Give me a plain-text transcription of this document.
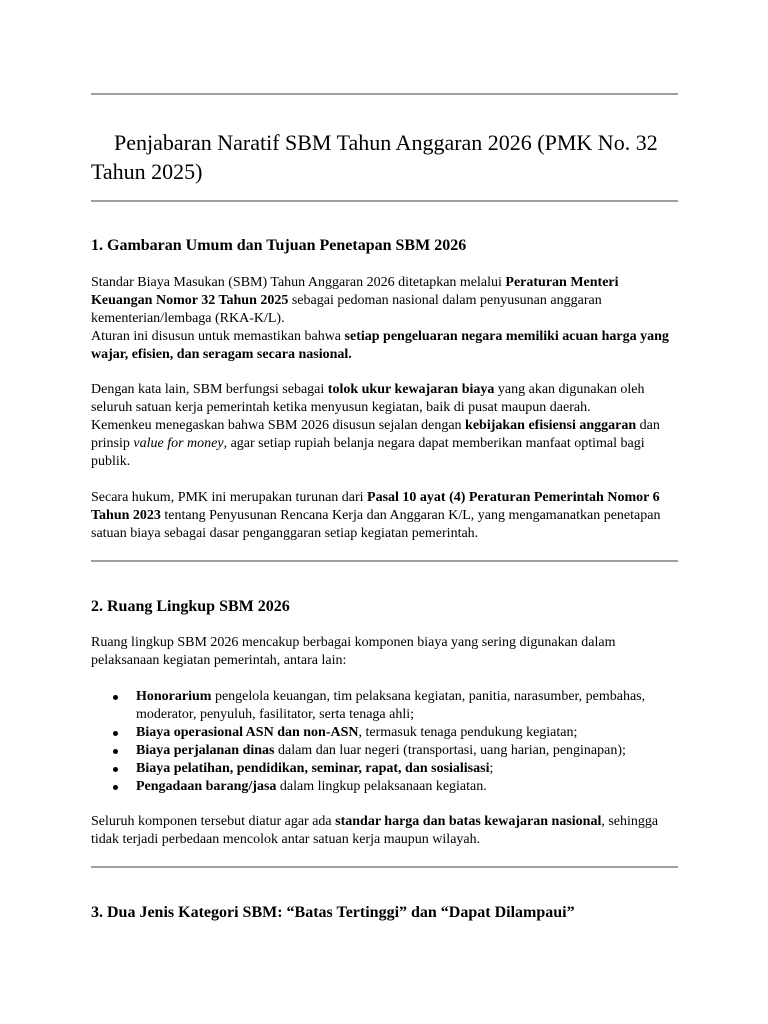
Penjabaran Naratif SBM Tahun Anggaran 2026 (PMK No. 32 Tahun 2025)
1. Gambaran Umum dan Tujuan Penetapan SBM 2026

Standar Biaya Masukan (SBM) Tahun Anggaran 2026 ditetapkan melalui Peraturan Menteri Keuangan Nomor 32 Tahun 2025 sebagai pedoman nasional dalam penyusunan anggaran kementerian/lembaga (RKA-K/L).
Aturan ini disusun untuk memastikan bahwa setiap pengeluaran negara memiliki acuan harga yang wajar, efisien, dan seragam secara nasional.

Dengan kata lain, SBM berfungsi sebagai tolok ukur kewajaran biaya yang akan digunakan oleh seluruh satuan kerja pemerintah ketika menyusun kegiatan, baik di pusat maupun daerah.
Kemenkeu menegaskan bahwa SBM 2026 disusun sejalan dengan kebijakan efisiensi anggaran dan prinsip value for money, agar setiap rupiah belanja negara dapat memberikan manfaat optimal bagi publik.

Secara hukum, PMK ini merupakan turunan dari Pasal 10 ayat (4) Peraturan Pemerintah Nomor 6 Tahun 2023 tentang Penyusunan Rencana Kerja dan Anggaran K/L, yang mengamanatkan penetapan satuan biaya sebagai dasar penganggaran setiap kegiatan pemerintah.

2. Ruang Lingkup SBM 2026

Ruang lingkup SBM 2026 mencakup berbagai komponen biaya yang sering digunakan dalam pelaksanaan kegiatan pemerintah, antara lain:

Honorarium pengelola keuangan, tim pelaksana kegiatan, panitia, narasumber, pembahas, moderator, penyuluh, fasilitator, serta tenaga ahli;
Biaya operasional ASN dan non-ASN, termasuk tenaga pendukung kegiatan;
Biaya perjalanan dinas dalam dan luar negeri (transportasi, uang harian, penginapan);
Biaya pelatihan, pendidikan, seminar, rapat, dan sosialisasi;
Pengadaan barang/jasa dalam lingkup pelaksanaan kegiatan.

Seluruh komponen tersebut diatur agar ada standar harga dan batas kewajaran nasional, sehingga tidak terjadi perbedaan mencolok antar satuan kerja maupun wilayah.

3. Dua Jenis Kategori SBM: “Batas Tertinggi” dan “Dapat Dilampaui”
